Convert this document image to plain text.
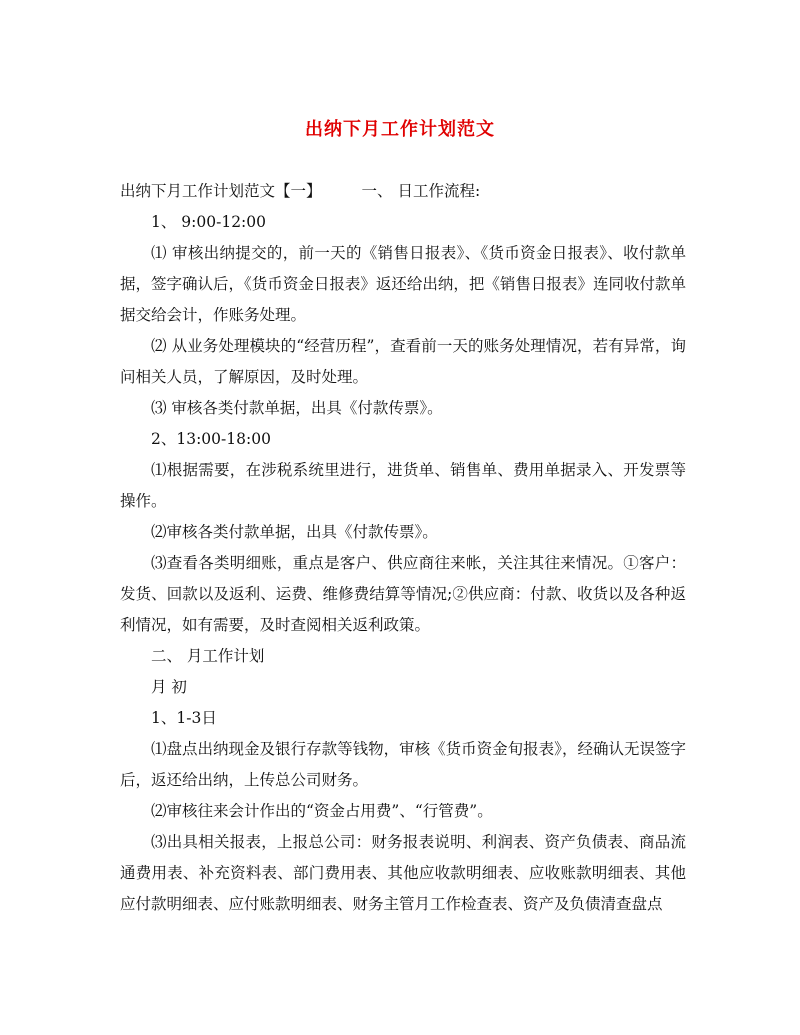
出纳下月工作计划范文

出纳下月工作计划范文【一】	一、 日工作流程:

1、 9:00-12:00

⑴ 审核出纳提交的，前一天的《销售日报表》、《货币资金日报表》、收付款单据，签字确认后，《货币资金日报表》返还给出纳，把《销售日报表》连同收付款单据交给会计，作账务处理。

⑵ 从业务处理模块的“经营历程”，查看前一天的账务处理情况，若有异常，询问相关人员，了解原因，及时处理。

⑶ 审核各类付款单据，出具《付款传票》。

2、13:00-18:00

⑴根据需要，在涉税系统里进行，进货单、销售单、费用单据录入、开发票等操作。

⑵审核各类付款单据，出具《付款传票》。

⑶查看各类明细账，重点是客户、供应商往来帐，关注其往来情况。①客户：发货、回款以及返利、运费、维修费结算等情况;②供应商：付款、收货以及各种返利情况，如有需要，及时查阅相关返利政策。

二、 月工作计划

月 初

1、1-3日

⑴盘点出纳现金及银行存款等钱物，审核《货币资金旬报表》，经确认无误签字后，返还给出纳，上传总公司财务。

⑵审核往来会计作出的“资金占用费”、“行管费”。

⑶出具相关报表，上报总公司：财务报表说明、利润表、资产负债表、商品流通费用表、补充资料表、部门费用表、其他应收款明细表、应收账款明细表、其他应付款明细表、应付账款明细表、财务主管月工作检查表、资产及负债清查盘点
